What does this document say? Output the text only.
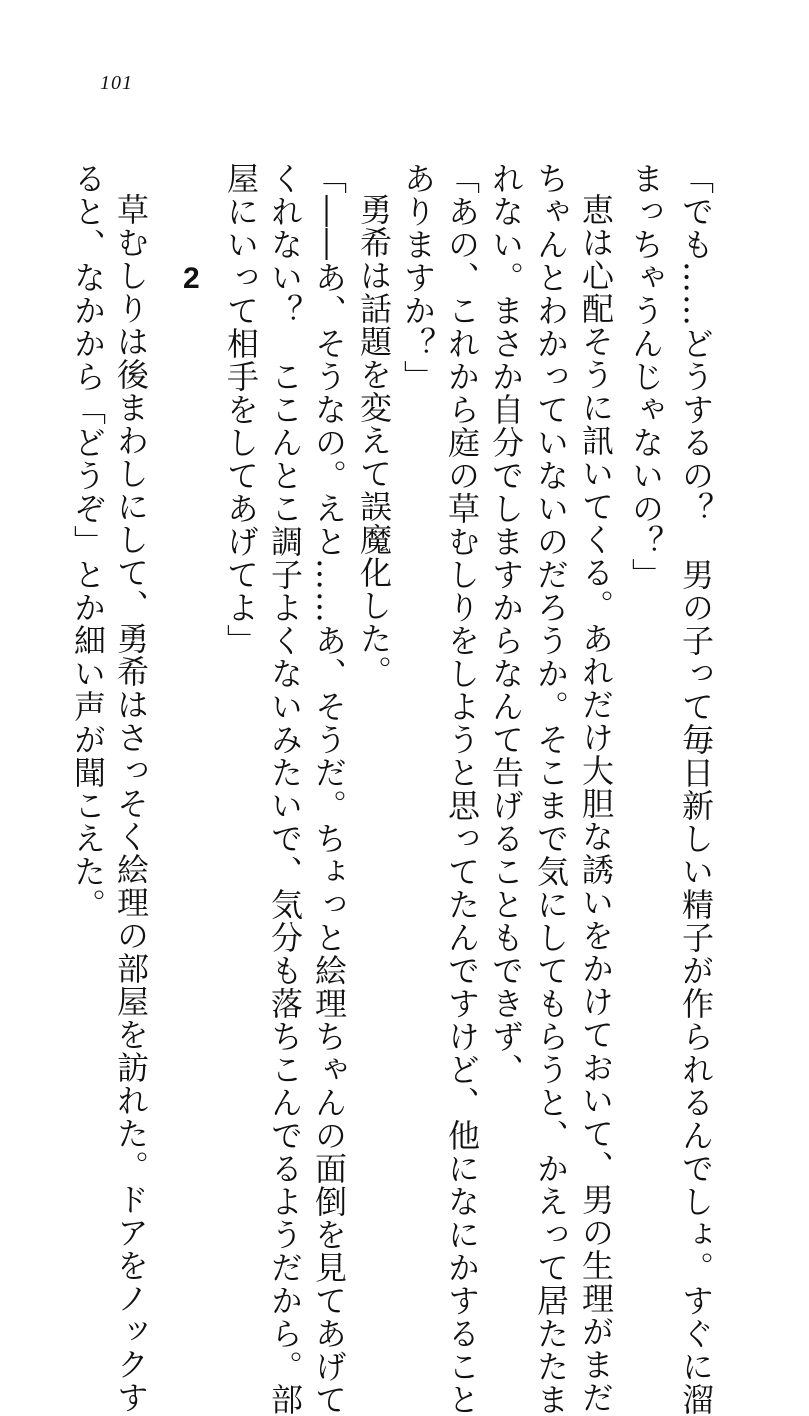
101
「でも……どうするの？　男の子って毎日新しい精子が作られるんでしょ。すぐに溜
まっちゃうんじゃないの？」
恵は心配そうに訊いてくる。あれだけ大胆な誘いをかけておいて、男の生理がまだ
ちゃんとわかっていないのだろうか。そこまで気にしてもらうと、かえって居たたま
れない。まさか自分でしますからなんて告げることもできず、
「あの、これから庭の草むしりをしようと思ってたんですけど、他になにかすること
ありますか？」
勇希は話題を変えて誤魔化した。
「――あ、そうなの。えと……あ、そうだ。ちょっと絵理ちゃんの面倒を見てあげて
くれない？　ここんとこ調子よくないみたいで、気分も落ちこんでるようだから。部
屋にいって相手をしてあげてよ」
2
草むしりは後まわしにして、勇希はさっそく絵理の部屋を訪れた。ドアをノックす
ると、なかから「どうぞ」とか細い声が聞こえた。
